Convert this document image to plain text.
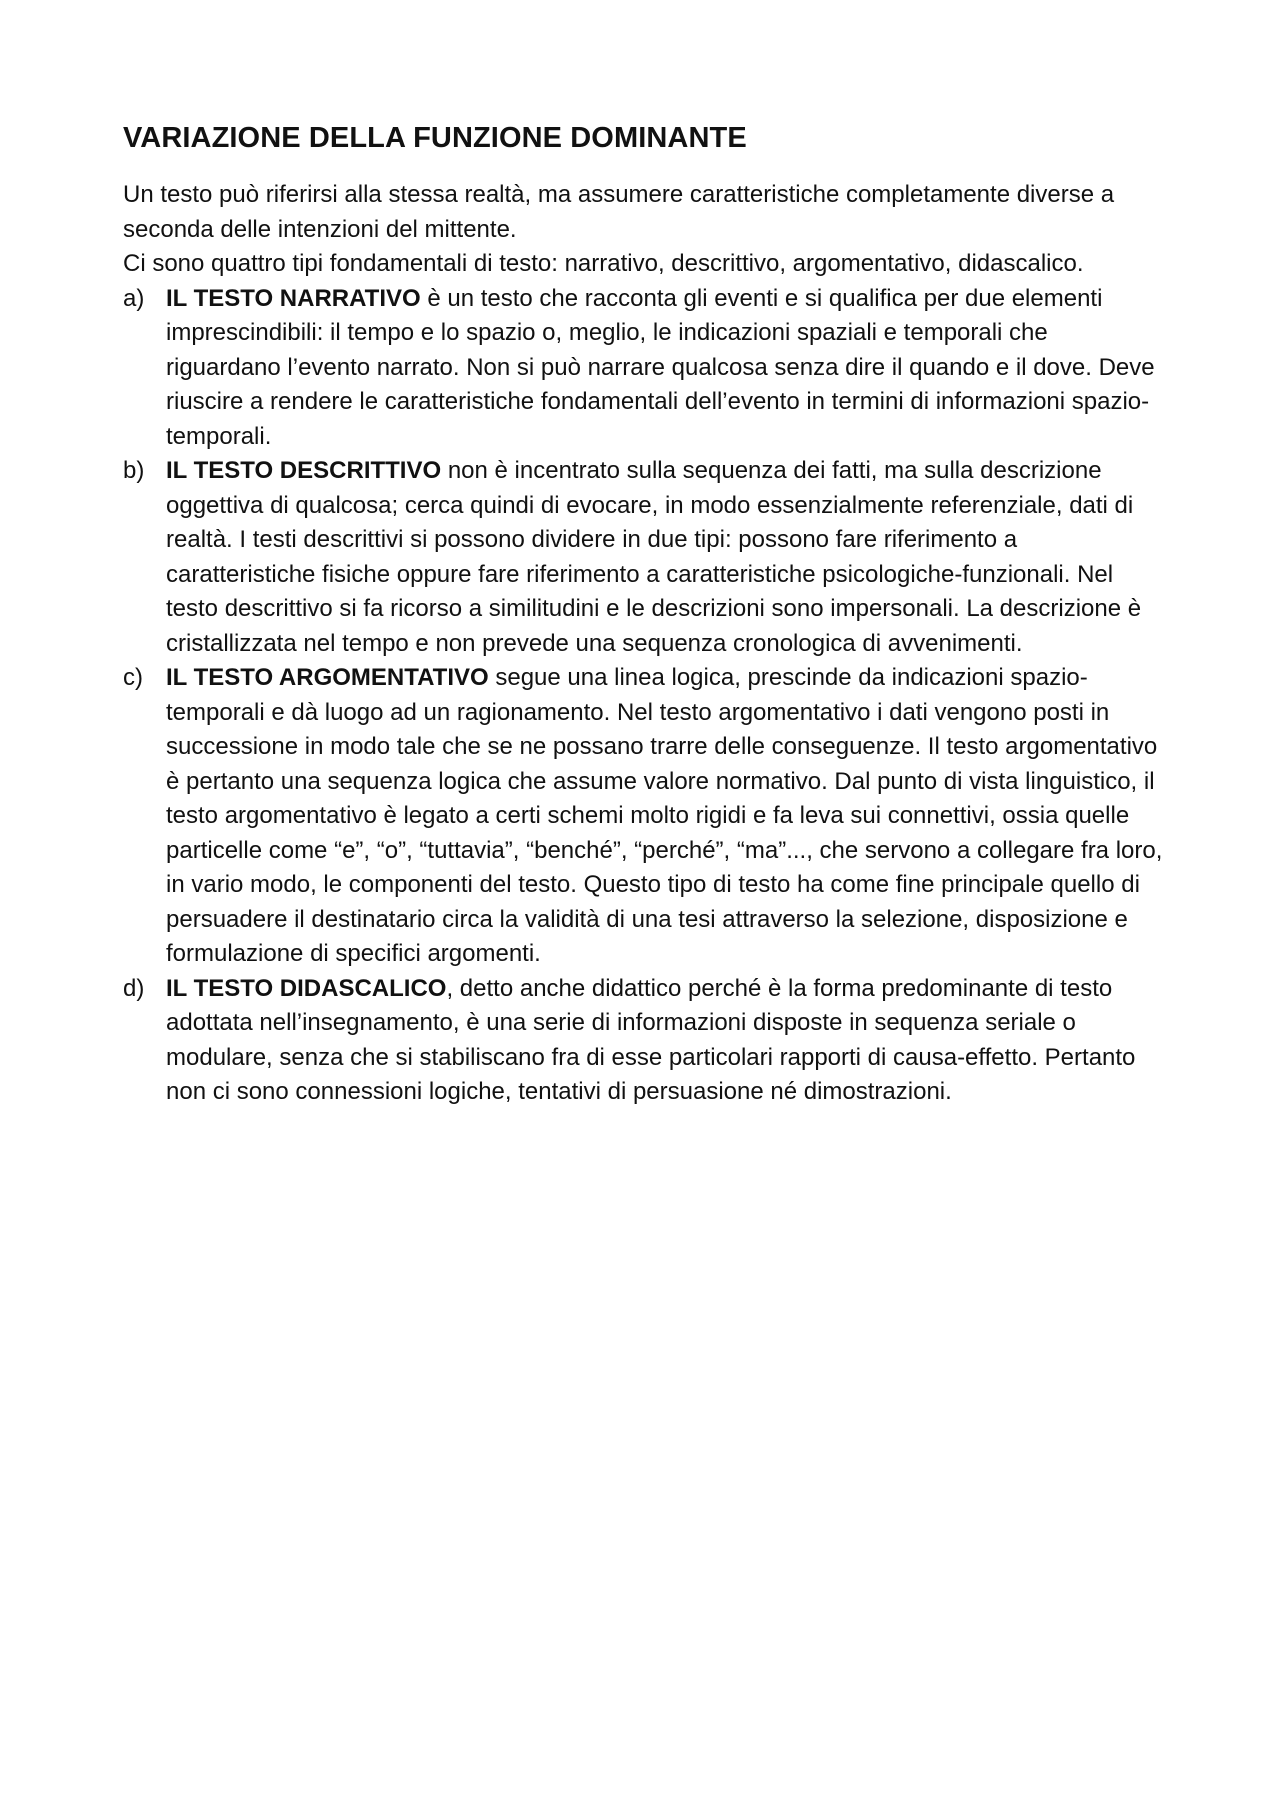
VARIAZIONE DELLA FUNZIONE DOMINANTE

Un testo può riferirsi alla stessa realtà, ma assumere caratteristiche completamente diverse a seconda delle intenzioni del mittente.

Ci sono quattro tipi fondamentali di testo: narrativo, descrittivo, argomentativo, didascalico.

a) IL TESTO NARRATIVO è un testo che racconta gli eventi e si qualifica per due elementi imprescindibili: il tempo e lo spazio o, meglio, le indicazioni spaziali e temporali che riguardano l’evento narrato. Non si può narrare qualcosa senza dire il quando e il dove. Deve riuscire a rendere le caratteristiche fondamentali dell’evento in termini di informazioni spazio-temporali.
b) IL TESTO DESCRITTIVO non è incentrato sulla sequenza dei fatti, ma sulla descrizione oggettiva di qualcosa; cerca quindi di evocare, in modo essenzialmente referenziale, dati di realtà. I testi descrittivi si possono dividere in due tipi: possono fare riferimento a caratteristiche fisiche oppure fare riferimento a caratteristiche psicologiche-funzionali. Nel testo descrittivo si fa ricorso a similitudini e le descrizioni sono impersonali. La descrizione è cristallizzata nel tempo e non prevede una sequenza cronologica di avvenimenti.
c) IL TESTO ARGOMENTATIVO segue una linea logica, prescinde da indicazioni spazio-temporali e dà luogo ad un ragionamento. Nel testo argomentativo i dati vengono posti in successione in modo tale che se ne possano trarre delle conseguenze. Il testo argomentativo è pertanto una sequenza logica che assume valore normativo. Dal punto di vista linguistico, il testo argomentativo è legato a certi schemi molto rigidi e fa leva sui connettivi, ossia quelle particelle come “e”, “o”, “tuttavia”, “benché”, “perché”, “ma”..., che servono a collegare fra loro, in vario modo, le componenti del testo. Questo tipo di testo ha come fine principale quello di persuadere il destinatario circa la validità di una tesi attraverso la selezione, disposizione e formulazione di specifici argomenti.
d) IL TESTO DIDASCALICO, detto anche didattico perché è la forma predominante di testo adottata nell’insegnamento, è una serie di informazioni disposte in sequenza seriale o modulare, senza che si stabiliscano fra di esse particolari rapporti di causa-effetto. Pertanto non ci sono connessioni logiche, tentativi di persuasione né dimostrazioni.
